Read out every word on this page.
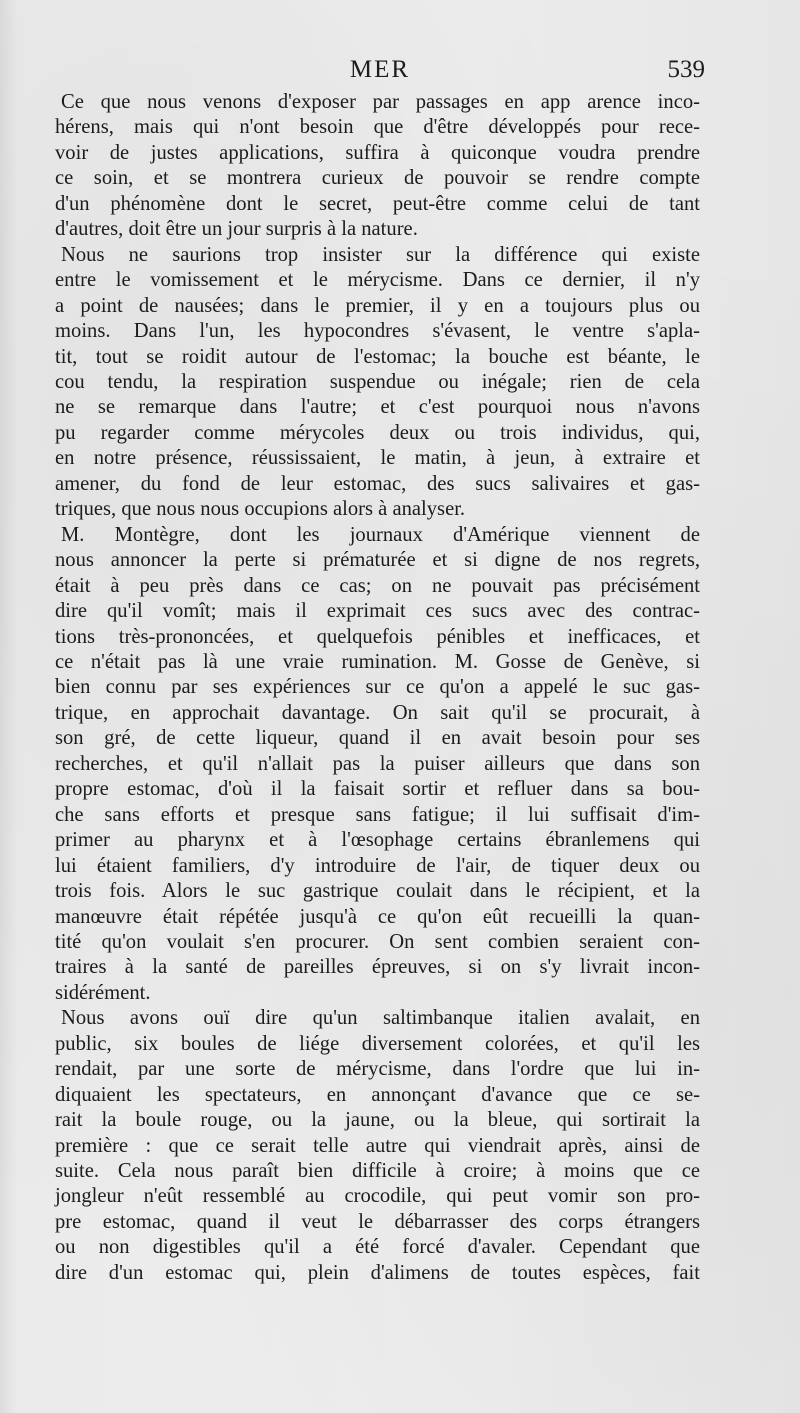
MER	539

Ce que nous venons d'exposer par passages en app arence inco-
hérens, mais qui n'ont besoin que d'être développés pour rece-
voir de justes applications, suffira à quiconque voudra prendre
ce soin, et se montrera curieux de pouvoir se rendre compte
d'un phénomène dont le secret, peut-être comme celui de tant
d'autres, doit être un jour surpris à la nature.

Nous ne saurions trop insister sur la différence qui existe
entre le vomissement et le mérycisme. Dans ce dernier, il n'y
a point de nausées; dans le premier, il y en a toujours plus ou
moins. Dans l'un, les hypocondres s'évasent, le ventre s'apla-
tit, tout se roidit autour de l'estomac; la bouche est béante, le
cou tendu, la respiration suspendue ou inégale; rien de cela
ne se remarque dans l'autre; et c'est pourquoi nous n'avons
pu regarder comme mérycoles deux ou trois individus, qui,
en notre présence, réussissaient, le matin, à jeun, à extraire et
amener, du fond de leur estomac, des sucs salivaires et gas-
triques, que nous nous occupions alors à analyser.

M. Montègre, dont les journaux d'Amérique viennent de
nous annoncer la perte si prématurée et si digne de nos regrets,
était à peu près dans ce cas; on ne pouvait pas précisément
dire qu'il vomît; mais il exprimait ces sucs avec des contrac-
tions très-prononcées, et quelquefois pénibles et inefficaces, et
ce n'était pas là une vraie rumination. M. Gosse de Genève, si
bien connu par ses expériences sur ce qu'on a appelé le suc gas-
trique, en approchait davantage. On sait qu'il se procurait, à
son gré, de cette liqueur, quand il en avait besoin pour ses
recherches, et qu'il n'allait pas la puiser ailleurs que dans son
propre estomac, d'où il la faisait sortir et refluer dans sa bou-
che sans efforts et presque sans fatigue; il lui suffisait d'im-
primer au pharynx et à l'œsophage certains ébranlemens qui
lui étaient familiers, d'y introduire de l'air, de tiquer deux ou
trois fois. Alors le suc gastrique coulait dans le récipient, et la
manœuvre était répétée jusqu'à ce qu'on eût recueilli la quan-
tité qu'on voulait s'en procurer. On sent combien seraient con-
traires à la santé de pareilles épreuves, si on s'y livrait incon-
sidérément.

Nous avons ouï dire qu'un saltimbanque italien avalait, en
public, six boules de liége diversement colorées, et qu'il les
rendait, par une sorte de mérycisme, dans l'ordre que lui in-
diquaient les spectateurs, en annonçant d'avance que ce se-
rait la boule rouge, ou la jaune, ou la bleue, qui sortirait la
première : que ce serait telle autre qui viendrait après, ainsi de
suite. Cela nous paraît bien difficile à croire; à moins que ce
jongleur n'eût ressemblé au crocodile, qui peut vomir son pro-
pre estomac, quand il veut le débarrasser des corps étrangers
ou non digestibles qu'il a été forcé d'avaler. Cependant que
dire d'un estomac qui, plein d'alimens de toutes espèces, fait
